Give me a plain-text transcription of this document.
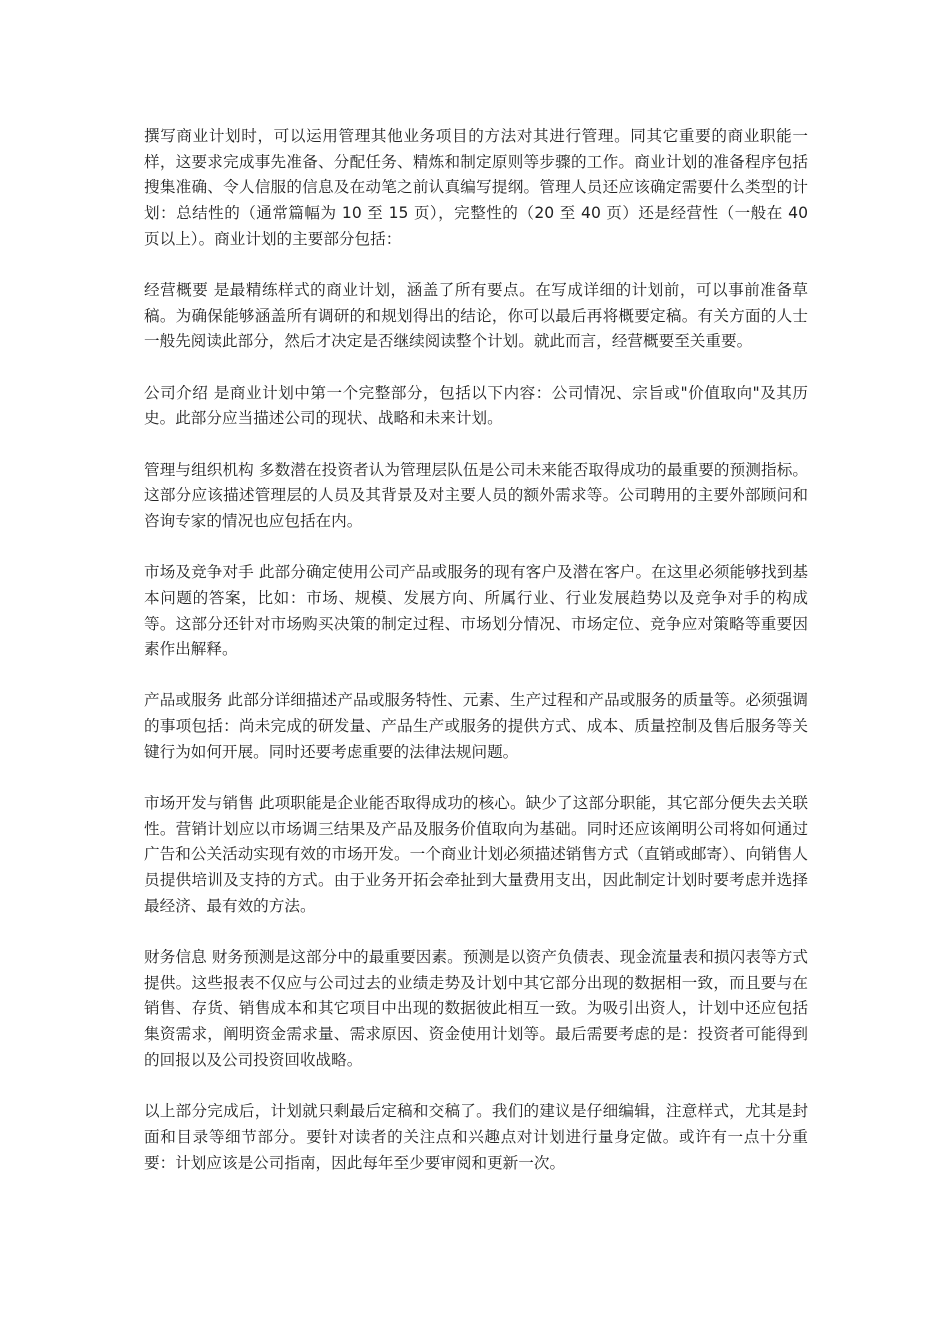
撰写商业计划时，可以运用管理其他业务项目的方法对其进行管理。同其它重要的商业职能一样，这要求完成事先准备、分配任务、精炼和制定原则等步骤的工作。商业计划的准备程序包括搜集准确、令人信服的信息及在动笔之前认真编写提纲。管理人员还应该确定需要什么类型的计划：总结性的（通常篇幅为 10 至 15 页），完整性的（20 至 40 页）还是经营性（一般在 40 页以上）。商业计划的主要部分包括：

经营概要 是最精练样式的商业计划，涵盖了所有要点。在写成详细的计划前，可以事前准备草稿。为确保能够涵盖所有调研的和规划得出的结论，你可以最后再将概要定稿。有关方面的人士一般先阅读此部分，然后才决定是否继续阅读整个计划。就此而言，经营概要至关重要。

公司介绍 是商业计划中第一个完整部分，包括以下内容：公司情况、宗旨或"价值取向"及其历史。此部分应当描述公司的现状、战略和未来计划。

管理与组织机构 多数潜在投资者认为管理层队伍是公司未来能否取得成功的最重要的预测指标。这部分应该描述管理层的人员及其背景及对主要人员的额外需求等。公司聘用的主要外部顾问和咨询专家的情况也应包括在内。

市场及竞争对手 此部分确定使用公司产品或服务的现有客户及潜在客户。在这里必须能够找到基本问题的答案，比如：市场、规模、发展方向、所属行业、行业发展趋势以及竞争对手的构成等。这部分还针对市场购买决策的制定过程、市场划分情况、市场定位、竞争应对策略等重要因素作出解释。

产品或服务 此部分详细描述产品或服务特性、元素、生产过程和产品或服务的质量等。必须强调的事项包括：尚未完成的研发量、产品生产或服务的提供方式、成本、质量控制及售后服务等关键行为如何开展。同时还要考虑重要的法律法规问题。

市场开发与销售 此项职能是企业能否取得成功的核心。缺少了这部分职能，其它部分便失去关联性。营销计划应以市场调三结果及产品及服务价值取向为基础。同时还应该阐明公司将如何通过广告和公关活动实现有效的市场开发。一个商业计划必须描述销售方式（直销或邮寄）、向销售人员提供培训及支持的方式。由于业务开拓会牵扯到大量费用支出，因此制定计划时要考虑并选择最经济、最有效的方法。

财务信息 财务预测是这部分中的最重要因素。预测是以资产负债表、现金流量表和损闪表等方式提供。这些报表不仅应与公司过去的业绩走势及计划中其它部分出现的数据相一致，而且要与在销售、存货、销售成本和其它项目中出现的数据彼此相互一致。为吸引出资人，计划中还应包括集资需求，阐明资金需求量、需求原因、资金使用计划等。最后需要考虑的是：投资者可能得到的回报以及公司投资回收战略。

以上部分完成后，计划就只剩最后定稿和交稿了。我们的建议是仔细编辑，注意样式，尤其是封面和目录等细节部分。要针对读者的关注点和兴趣点对计划进行量身定做。或许有一点十分重要：计划应该是公司指南，因此每年至少要审阅和更新一次。
